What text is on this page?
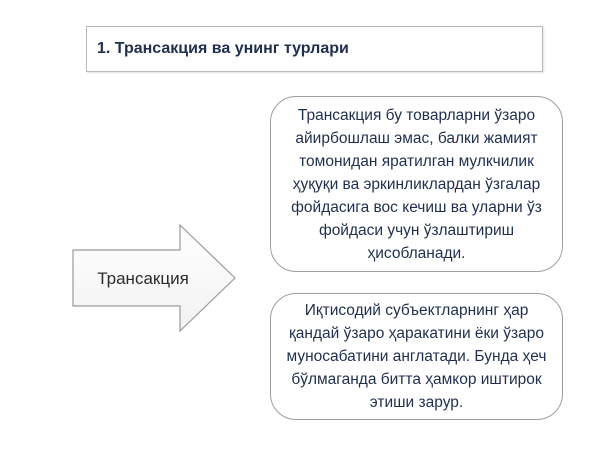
1. Трансакция ва унинг турлари
Трансакция
Трансакция бу товарларни ўзаро айирбошлаш эмас, балки жамият томонидан яратилган мулкчилик ҳуқуқи ва эркинликлардан ўзгалар фойдасига вос кечиш ва уларни ўз фойдаси учун ўзлаштириш ҳисобланади.
Иқтисодий субъектларнинг ҳар қандай ўзаро ҳаракатини ёки ўзаро муносабатини англатади. Бунда ҳеч бўлмаганда битта ҳамкор иштирок этиши зарур.
